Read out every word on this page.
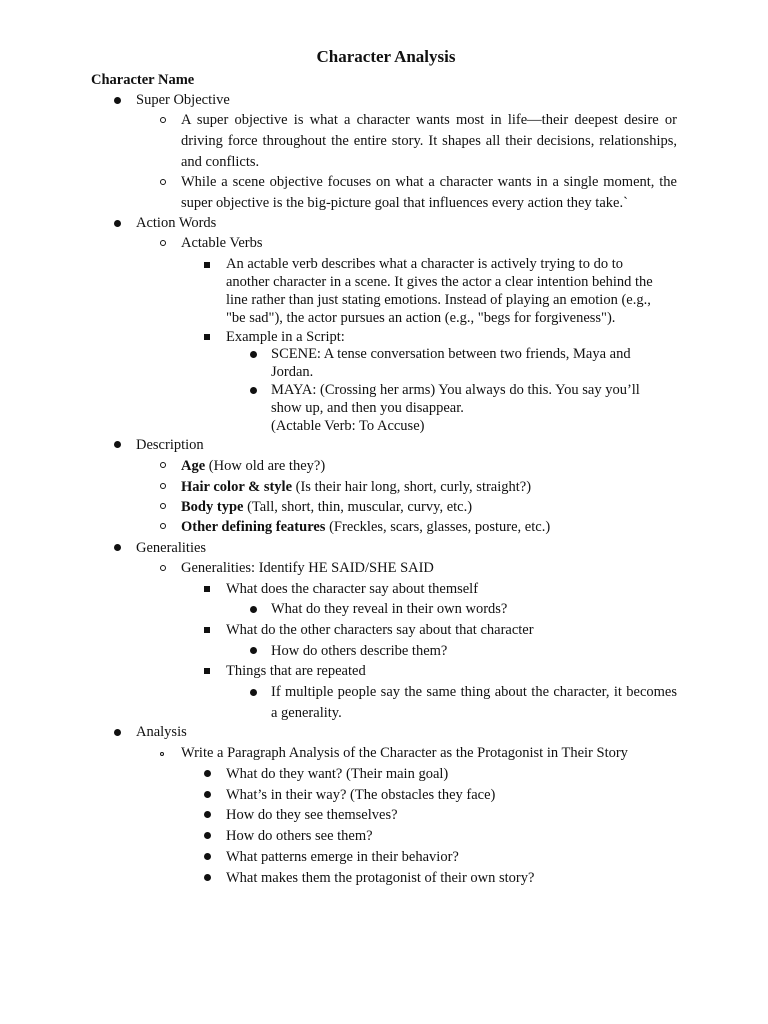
Character Analysis
Character Name
Super Objective
A super objective is what a character wants most in life—their deepest desire or driving force throughout the entire story. It shapes all their decisions, relationships, and conflicts.
While a scene objective focuses on what a character wants in a single moment, the super objective is the big-picture goal that influences every action they take.`
Action Words
Actable Verbs
An actable verb describes what a character is actively trying to do to
another character in a scene. It gives the actor a clear intention behind the
line rather than just stating emotions. Instead of playing an emotion (e.g.,
"be sad"), the actor pursues an action (e.g., "begs for forgiveness").
Example in a Script:
SCENE: A tense conversation between two friends, Maya and
Jordan.
MAYA: (Crossing her arms) You always do this. You say you’ll
show up, and then you disappear.
(Actable Verb: To Accuse)
Description
Age (How old are they?)
Hair color & style (Is their hair long, short, curly, straight?)
Body type (Tall, short, thin, muscular, curvy, etc.)
Other defining features (Freckles, scars, glasses, posture, etc.)
Generalities
Generalities: Identify HE SAID/SHE SAID
What does the character say about themself
What do they reveal in their own words?
What do the other characters say about that character
How do others describe them?
Things that are repeated
If multiple people say the same thing about the character, it becomes a generality.
Analysis
Write a Paragraph Analysis of the Character as the Protagonist in Their Story
What do they want? (Their main goal)
What’s in their way? (The obstacles they face)
How do they see themselves?
How do others see them?
What patterns emerge in their behavior?
What makes them the protagonist of their own story?
